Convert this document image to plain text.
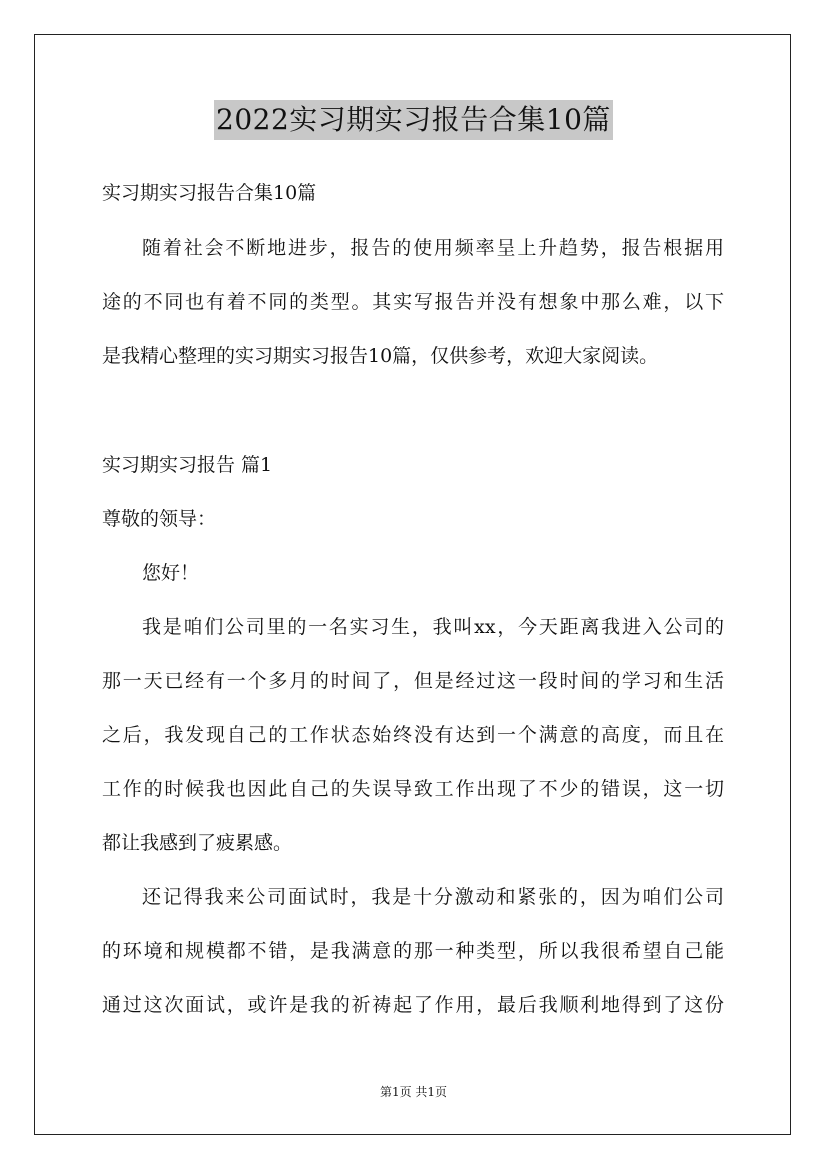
2022实习期实习报告合集10篇
实习期实习报告合集10篇
随着社会不断地进步，报告的使用频率呈上升趋势，报告根据用
途的不同也有着不同的类型。其实写报告并没有想象中那么难，以下
是我精心整理的实习期实习报告10篇，仅供参考，欢迎大家阅读。
实习期实习报告 篇1
尊敬的领导：
您好！
我是咱们公司里的一名实习生，我叫xx，今天距离我进入公司的
那一天已经有一个多月的时间了，但是经过这一段时间的学习和生活
之后，我发现自己的工作状态始终没有达到一个满意的高度，而且在
工作的时候我也因此自己的失误导致工作出现了不少的错误，这一切
都让我感到了疲累感。
还记得我来公司面试时，我是十分激动和紧张的，因为咱们公司
的环境和规模都不错，是我满意的那一种类型，所以我很希望自己能
通过这次面试，或许是我的祈祷起了作用，最后我顺利地得到了这份
第1页 共1页
